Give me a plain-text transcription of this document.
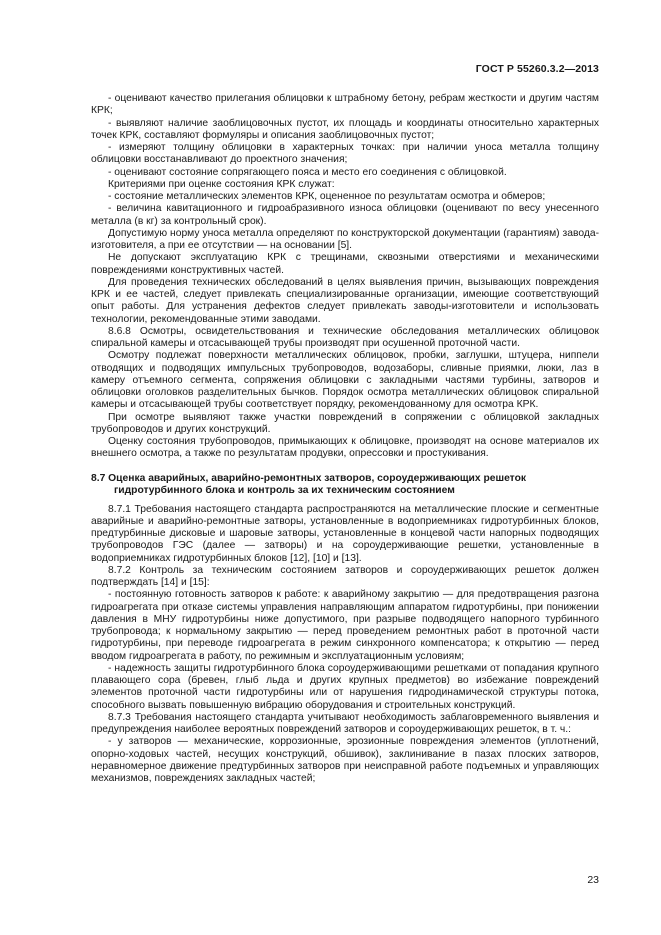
ГОСТ Р 55260.3.2—2013

- оценивают качество прилегания облицовки к штрабному бетону, ребрам жесткости и другим частям КРК;

- выявляют наличие заоблицовочных пустот, их площадь и координаты относительно характерных точек КРК, составляют формуляры и описания заоблицовочных пустот;

- измеряют толщину облицовки в характерных точках: при наличии уноса металла толщину облицовки восстанавливают до проектного значения;

- оценивают состояние сопрягающего пояса и место его соединения с облицовкой.

Критериями при оценке состояния КРК служат:

- состояние металлических элементов КРК, оцененное по результатам осмотра и обмеров;

- величина кавитационного и гидроабразивного износа облицовки (оценивают по весу унесенного металла (в кг) за контрольный срок).

Допустимую норму уноса металла определяют по конструкторской документации (гарантиям) завода-изготовителя, а при ее отсутствии — на основании [5].

Не допускают эксплуатацию КРК с трещинами, сквозными отверстиями и механическими повреждениями конструктивных частей.

Для проведения технических обследований в целях выявления причин, вызывающих повреждения КРК и ее частей, следует привлекать специализированные организации, имеющие соответствующий опыт работы. Для устранения дефектов следует привлекать заводы-изготовители и использовать технологии, рекомендованные этими заводами.

8.6.8 Осмотры, освидетельствования и технические обследования металлических облицовок спиральной камеры и отсасывающей трубы производят при осушенной проточной части.

Осмотру подлежат поверхности металлических облицовок, пробки, заглушки, штуцера, ниппели отводящих и подводящих импульсных трубопроводов, водозаборы, сливные приямки, люки, лаз в камеру отъемного сегмента, сопряжения облицовки с закладными частями турбины, затворов и облицовки оголовков разделительных бычков. Порядок осмотра металлических облицовок спиральной камеры и отсасывающей трубы соответствует порядку, рекомендованному для осмотра КРК.

При осмотре выявляют также участки повреждений в сопряжении с облицовкой закладных трубопроводов и других конструкций.

Оценку состояния трубопроводов, примыкающих к облицовке, производят на основе материалов их внешнего осмотра, а также по результатам продувки, опрессовки и простукивания.

8.7 Оценка аварийных, аварийно-ремонтных затворов, сороудерживающих решеток
гидротурбинного блока и контроль за их техническим состоянием

8.7.1 Требования настоящего стандарта распространяются на металлические плоские и сегментные аварийные и аварийно-ремонтные затворы, установленные в водоприемниках гидротурбинных блоков, предтурбинные дисковые и шаровые затворы, установленные в концевой части напорных подводящих трубопроводов ГЭС (далее — затворы) и на сороудерживающие решетки, установленные в водоприемниках гидротурбинных блоков [12], [10] и [13].

8.7.2 Контроль за техническим состоянием затворов и сороудерживающих решеток должен подтверждать [14] и [15]:

- постоянную готовность затворов к работе: к аварийному закрытию — для предотвращения разгона гидроагрегата при отказе системы управления направляющим аппаратом гидротурбины, при понижении давления в МНУ гидротурбины ниже допустимого, при разрыве подводящего напорного турбинного трубопровода; к нормальному закрытию — перед проведением ремонтных работ в проточной части гидротурбины, при переводе гидроагрегата в режим синхронного компенсатора; к открытию — перед вводом гидроагрегата в работу, по режимным и эксплуатационным условиям;

- надежность защиты гидротурбинного блока сороудерживающими решетками от попадания крупного плавающего сора (бревен, глыб льда и других крупных предметов) во избежание повреждений элементов проточной части гидротурбины или от нарушения гидродинамической структуры потока, способного вызвать повышенную вибрацию оборудования и строительных конструкций.

8.7.3 Требования настоящего стандарта учитывают необходимость заблаговременного выявления и предупреждения наиболее вероятных повреждений затворов и сороудерживающих решеток, в т. ч.:

- у затворов — механические, коррозионные, эрозионные повреждения элементов (уплотнений, опорно-ходовых частей, несущих конструкций, обшивок), заклинивание в пазах плоских затворов, неравномерное движение предтурбинных затворов при неисправной работе подъемных и управляющих механизмов, повреждениях закладных частей;

23
